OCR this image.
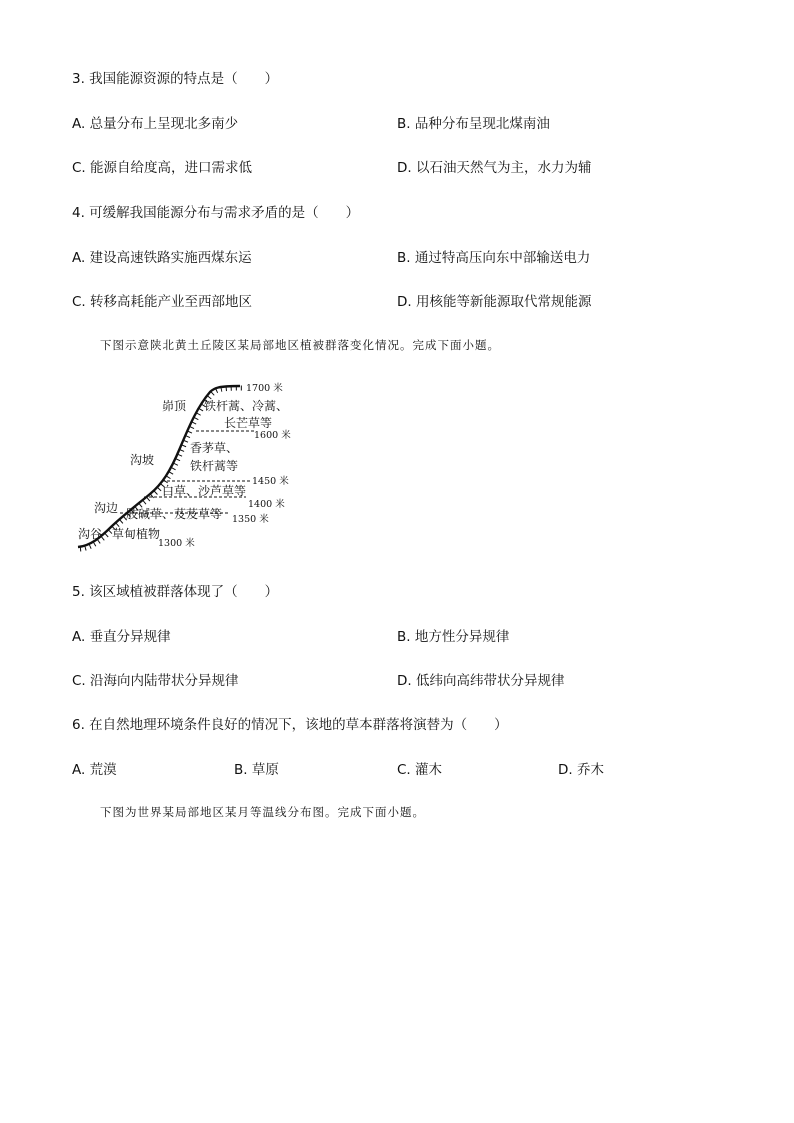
3. 我国能源资源的特点是（　　）
A. 总量分布上呈现北多南少	B. 品种分布呈现北煤南油
C. 能源自给度高，进口需求低	D. 以石油天然气为主，水力为辅
4. 可缓解我国能源分布与需求矛盾的是（　　）
A. 建设高速铁路实施西煤东运	B. 通过特高压向东中部输送电力
C. 转移高耗能产业至西部地区	D. 用核能等新能源取代常规能源
下图示意陕北黄土丘陵区某局部地区植被群落变化情况。完成下面小题。
峁顶
沟坡
沟边
沟谷
铁杆蒿、冷蒿、
长芒草等
香茅草、
铁杆蒿等
白草、沙芦草等
肢碱草、芨芨草等
草甸植物
1700 米
1600 米
1450 米
1400 米
1350 米
1300 米
5. 该区域植被群落体现了（　　）
A. 垂直分异规律	B. 地方性分异规律
C. 沿海向内陆带状分异规律	D. 低纬向高纬带状分异规律
6. 在自然地理环境条件良好的情况下，该地的草本群落将演替为（　　）
A. 荒漠	B. 草原	C. 灌木	D. 乔木
下图为世界某局部地区某月等温线分布图。完成下面小题。
